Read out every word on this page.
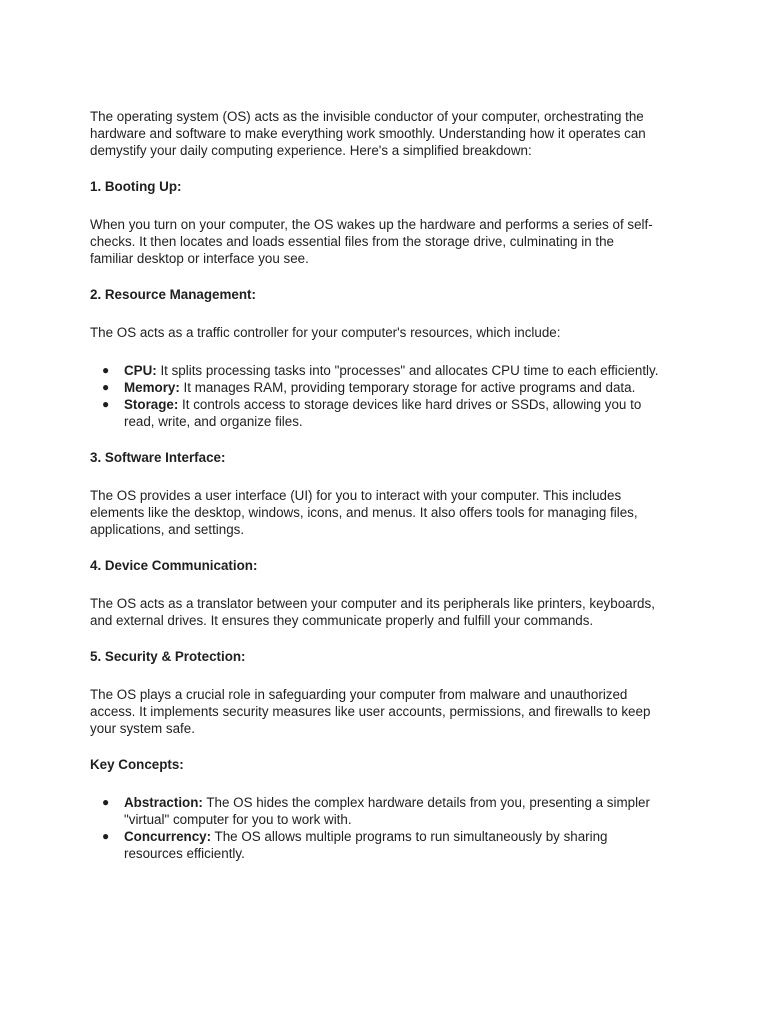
The operating system (OS) acts as the invisible conductor of your computer, orchestrating the hardware and software to make everything work smoothly. Understanding how it operates can demystify your daily computing experience. Here's a simplified breakdown:

1. Booting Up:

When you turn on your computer, the OS wakes up the hardware and performs a series of self-checks. It then locates and loads essential files from the storage drive, culminating in the familiar desktop or interface you see.

2. Resource Management:

The OS acts as a traffic controller for your computer's resources, which include:

● CPU: It splits processing tasks into "processes" and allocates CPU time to each efficiently.
● Memory: It manages RAM, providing temporary storage for active programs and data.
● Storage: It controls access to storage devices like hard drives or SSDs, allowing you to read, write, and organize files.

3. Software Interface:

The OS provides a user interface (UI) for you to interact with your computer. This includes elements like the desktop, windows, icons, and menus. It also offers tools for managing files, applications, and settings.

4. Device Communication:

The OS acts as a translator between your computer and its peripherals like printers, keyboards, and external drives. It ensures they communicate properly and fulfill your commands.

5. Security & Protection:

The OS plays a crucial role in safeguarding your computer from malware and unauthorized access. It implements security measures like user accounts, permissions, and firewalls to keep your system safe.

Key Concepts:

● Abstraction: The OS hides the complex hardware details from you, presenting a simpler "virtual" computer for you to work with.
● Concurrency: The OS allows multiple programs to run simultaneously by sharing resources efficiently.
